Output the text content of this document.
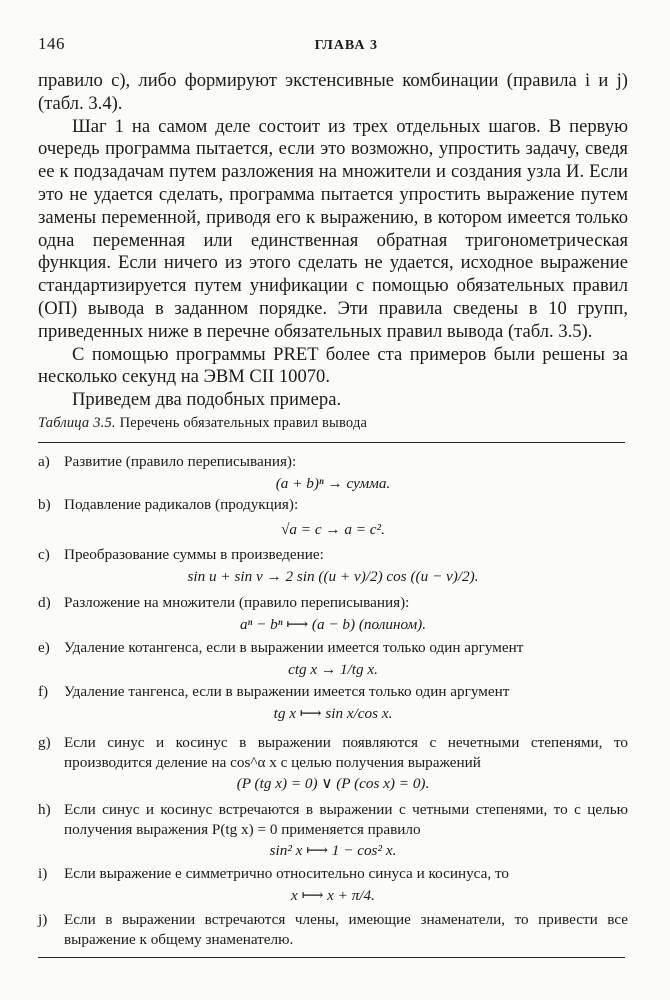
146	ГЛАВА 3

правило c), либо формируют экстенсивные комбинации (правила i и j) (табл. 3.4).

Шаг 1 на самом деле состоит из трех отдельных шагов. В первую очередь программа пытается, если это возможно, упростить задачу, сведя ее к подзадачам путем разложения на множители и создания узла И. Если это не удается сделать, программа пытается упростить выражение путем замены переменной, приводя его к выражению, в котором имеется только одна переменная или единственная обратная тригонометрическая функция. Если ничего из этого сделать не удается, исходное выражение стандартизируется путем унификации с помощью обязательных правил (ОП) вывода в заданном порядке. Эти правила сведены в 10 групп, приведенных ниже в перечне обязательных правил вывода (табл. 3.5).

С помощью программы PRET более ста примеров были решены за несколько секунд на ЭВМ CII 10070.

Приведем два подобных примера.

Таблица 3.5. Перечень обязательных правил вывода
a) Развитие (правило переписывания):
(a + b)ⁿ → сумма.
b) Подавление радикалов (продукция):
√a = c → a = c².
c) Преобразование суммы в произведение:
sin u + sin v → 2 sin ((u + v)/2) cos ((u − v)/2).
d) Разложение на множители (правило переписывания):
aⁿ − bⁿ ⟼ (a − b) (полином).
e) Удаление котангенса, если в выражении имеется только один аргумент
ctg x → 1/tg x.
f) Удаление тангенса, если в выражении имеется только один аргумент
tg x ⟼ sin x/cos x.
g) Если синус и косинус в выражении появляются с нечетными степенями, то производится деление на cos^α x с целью получения выражений
(P (tg x) = 0) ∨ (P (cos x) = 0).
h) Если синус и косинус встречаются в выражении с четными степенями, то с целью получения выражения P(tg x) = 0 применяется правило
sin² x ⟼ 1 − cos² x.
i) Если выражение e симметрично относительно синуса и косинуса, то
x ⟼ x + π/4.
j) Если в выражении встречаются члены, имеющие знаменатели, то привести все выражение к общему знаменателю.
